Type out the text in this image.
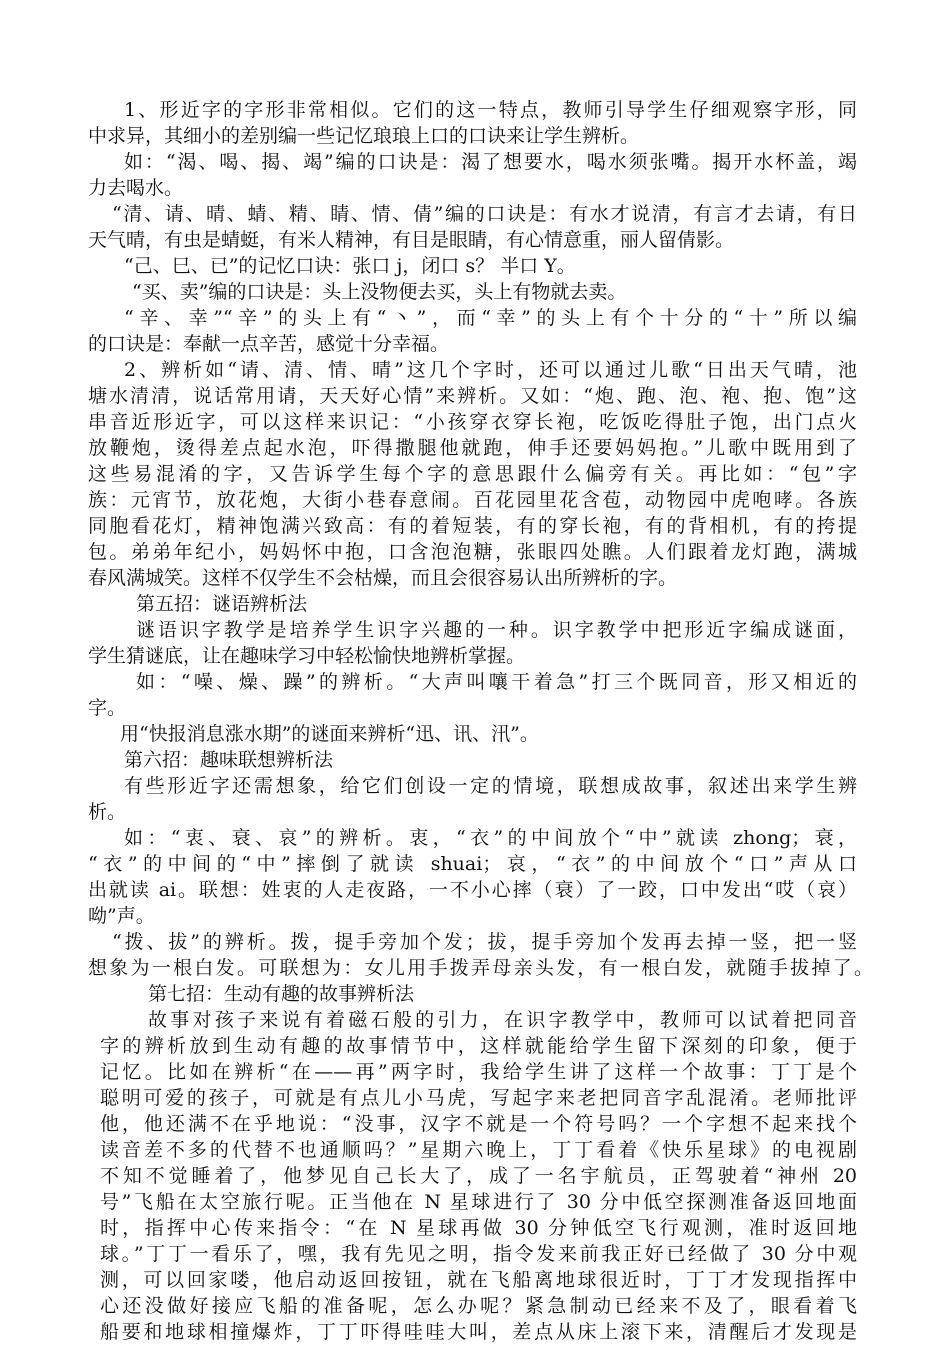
1、形近字的字形非常相似。它们的这一特点，教师引导学生仔细观察字形，同
中求异，其细小的差别编一些记忆琅琅上口的口诀来让学生辨析。
如：“渴、喝、揭、竭”编的口诀是：渴了想要水，喝水须张嘴。揭开水杯盖，竭
力去喝水。
“清、请、晴、蜻、精、睛、情、倩”编的口诀是：有水才说清，有言才去请，有日
天气晴，有虫是蜻蜓，有米人精神，有目是眼睛，有心情意重，丽人留倩影。
“己、巳、已”的记忆口诀：张口 j，闭口 s？ 半口 Y。
“买、卖”编的口诀是：头上没物便去买，头上有物就去卖。
“辛、幸”“辛”的头上有“丶”，而“幸”的头上有个十分的“十”所以编
的口诀是：奉献一点辛苦，感觉十分幸福。
2、辨析如“请、清、情、晴”这几个字时，还可以通过儿歌“日出天气晴，池
塘水清清，说话常用请，天天好心情”来辨析。又如：“炮、跑、泡、袍、抱、饱”这
串音近形近字，可以这样来识记：“小孩穿衣穿长袍，吃饭吃得肚子饱，出门点火
放鞭炮，烫得差点起水泡，吓得撒腿他就跑，伸手还要妈妈抱。”儿歌中既用到了
这些易混淆的字，又告诉学生每个字的意思跟什么偏旁有关。再比如：“包”字
族：元宵节，放花炮，大街小巷春意闹。百花园里花含苞，动物园中虎咆哮。各族
同胞看花灯，精神饱满兴致高：有的着短装，有的穿长袍，有的背相机，有的挎提
包。弟弟年纪小，妈妈怀中抱，口含泡泡糖，张眼四处瞧。人们跟着龙灯跑，满城
春风满城笑。这样不仅学生不会枯燥，而且会很容易认出所辨析的字。
第五招：谜语辨析法
谜语识字教学是培养学生识字兴趣的一种。识字教学中把形近字编成谜面，
学生猜谜底，让在趣味学习中轻松愉快地辨析掌握。
如：“噪、燥、躁”的辨析。“大声叫嚷干着急”打三个既同音，形又相近的
字。
用“快报消息涨水期”的谜面来辨析“迅、讯、汛”。
第六招：趣味联想辨析法
有些形近字还需想象，给它们创设一定的情境，联想成故事，叙述出来学生辨
析。
如：“衷、衰、哀”的辨析。衷，“衣”的中间放个“中”就读 zhong；衰，
“衣”的中间的“中”摔倒了就读 shuai；哀，“衣”的中间放个“口”声从口
出就读 ai。联想：姓衷的人走夜路，一不小心摔（衰）了一跤，口中发出“哎（哀）
呦”声。
“拨、拔”的辨析。拨，提手旁加个发；拔，提手旁加个发再去掉一竖，把一竖
想象为一根白发。可联想为：女儿用手拨弄母亲头发，有一根白发，就随手拔掉了。
第七招：生动有趣的故事辨析法
故事对孩子来说有着磁石般的引力，在识字教学中，教师可以试着把同音
字的辨析放到生动有趣的故事情节中，这样就能给学生留下深刻的印象，便于
记忆。比如在辨析“在——再”两字时，我给学生讲了这样一个故事：丁丁是个
聪明可爱的孩子，可就是有点儿小马虎，写起字来老把同音字乱混淆。老师批评
他，他还满不在乎地说：“没事，汉字不就是一个符号吗？一个字想不起来找个
读音差不多的代替不也通顺吗？”星期六晚上，丁丁看着《快乐星球》的电视剧
不知不觉睡着了，他梦见自己长大了，成了一名宇航员，正驾驶着“神州 20
号”飞船在太空旅行呢。正当他在 N 星球进行了 30 分中低空探测准备返回地面
时，指挥中心传来指令：“在 N 星球再做 30 分钟低空飞行观测，准时返回地
球。”丁丁一看乐了，嘿，我有先见之明，指令发来前我正好已经做了 30 分中观
测，可以回家喽，他启动返回按钮，就在飞船离地球很近时，丁丁才发现指挥中
心还没做好接应飞船的准备呢，怎么办呢？紧急制动已经来不及了，眼看着飞
船要和地球相撞爆炸，丁丁吓得哇哇大叫，差点从床上滚下来，清醒后才发现是
